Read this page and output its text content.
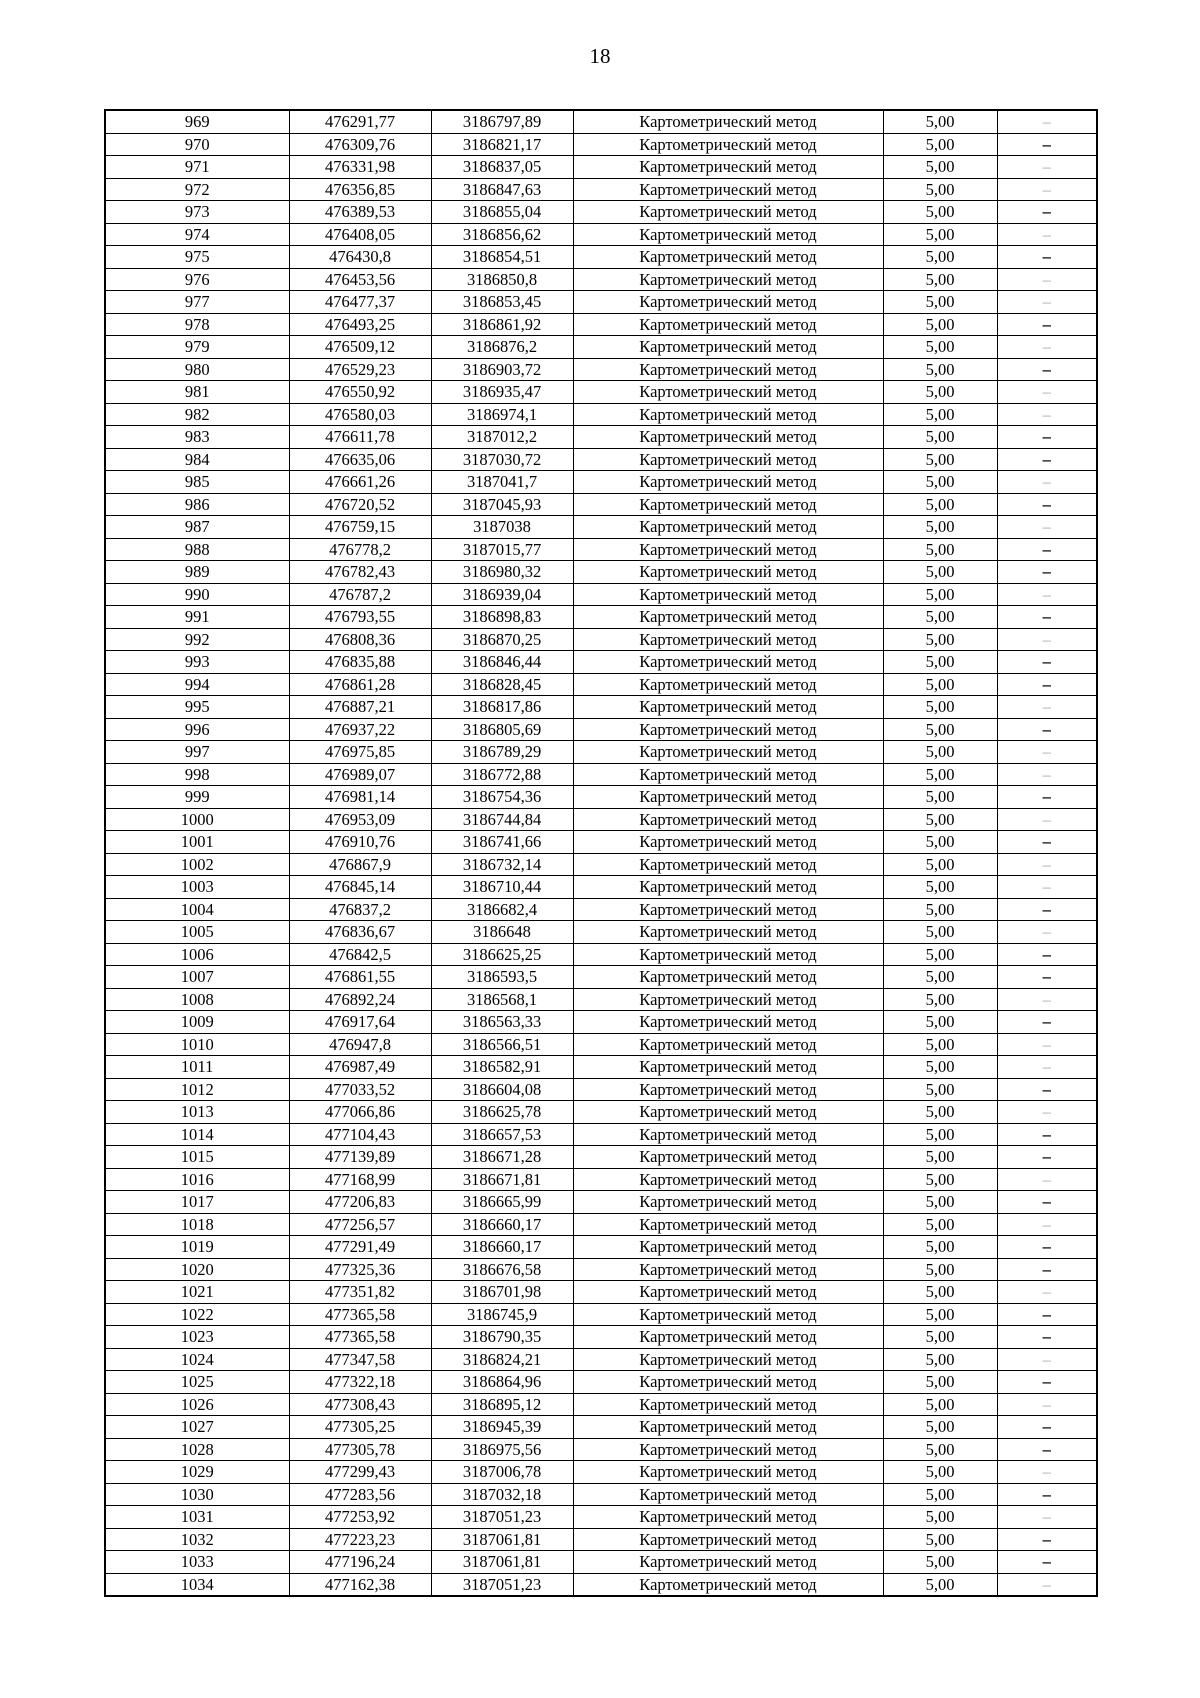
18
969	476291,77	3186797,89	Картометрический метод	5,00	–
970	476309,76	3186821,17	Картометрический метод	5,00	–
971	476331,98	3186837,05	Картометрический метод	5,00	–
972	476356,85	3186847,63	Картометрический метод	5,00	–
973	476389,53	3186855,04	Картометрический метод	5,00	–
974	476408,05	3186856,62	Картометрический метод	5,00	–
975	476430,8	3186854,51	Картометрический метод	5,00	–
976	476453,56	3186850,8	Картометрический метод	5,00	–
977	476477,37	3186853,45	Картометрический метод	5,00	–
978	476493,25	3186861,92	Картометрический метод	5,00	–
979	476509,12	3186876,2	Картометрический метод	5,00	–
980	476529,23	3186903,72	Картометрический метод	5,00	–
981	476550,92	3186935,47	Картометрический метод	5,00	–
982	476580,03	3186974,1	Картометрический метод	5,00	–
983	476611,78	3187012,2	Картометрический метод	5,00	–
984	476635,06	3187030,72	Картометрический метод	5,00	–
985	476661,26	3187041,7	Картометрический метод	5,00	–
986	476720,52	3187045,93	Картометрический метод	5,00	–
987	476759,15	3187038	Картометрический метод	5,00	–
988	476778,2	3187015,77	Картометрический метод	5,00	–
989	476782,43	3186980,32	Картометрический метод	5,00	–
990	476787,2	3186939,04	Картометрический метод	5,00	–
991	476793,55	3186898,83	Картометрический метод	5,00	–
992	476808,36	3186870,25	Картометрический метод	5,00	–
993	476835,88	3186846,44	Картометрический метод	5,00	–
994	476861,28	3186828,45	Картометрический метод	5,00	–
995	476887,21	3186817,86	Картометрический метод	5,00	–
996	476937,22	3186805,69	Картометрический метод	5,00	–
997	476975,85	3186789,29	Картометрический метод	5,00	–
998	476989,07	3186772,88	Картометрический метод	5,00	–
999	476981,14	3186754,36	Картометрический метод	5,00	–
1000	476953,09	3186744,84	Картометрический метод	5,00	–
1001	476910,76	3186741,66	Картометрический метод	5,00	–
1002	476867,9	3186732,14	Картометрический метод	5,00	–
1003	476845,14	3186710,44	Картометрический метод	5,00	–
1004	476837,2	3186682,4	Картометрический метод	5,00	–
1005	476836,67	3186648	Картометрический метод	5,00	–
1006	476842,5	3186625,25	Картометрический метод	5,00	–
1007	476861,55	3186593,5	Картометрический метод	5,00	–
1008	476892,24	3186568,1	Картометрический метод	5,00	–
1009	476917,64	3186563,33	Картометрический метод	5,00	–
1010	476947,8	3186566,51	Картометрический метод	5,00	–
1011	476987,49	3186582,91	Картометрический метод	5,00	–
1012	477033,52	3186604,08	Картометрический метод	5,00	–
1013	477066,86	3186625,78	Картометрический метод	5,00	–
1014	477104,43	3186657,53	Картометрический метод	5,00	–
1015	477139,89	3186671,28	Картометрический метод	5,00	–
1016	477168,99	3186671,81	Картометрический метод	5,00	–
1017	477206,83	3186665,99	Картометрический метод	5,00	–
1018	477256,57	3186660,17	Картометрический метод	5,00	–
1019	477291,49	3186660,17	Картометрический метод	5,00	–
1020	477325,36	3186676,58	Картометрический метод	5,00	–
1021	477351,82	3186701,98	Картометрический метод	5,00	–
1022	477365,58	3186745,9	Картометрический метод	5,00	–
1023	477365,58	3186790,35	Картометрический метод	5,00	–
1024	477347,58	3186824,21	Картометрический метод	5,00	–
1025	477322,18	3186864,96	Картометрический метод	5,00	–
1026	477308,43	3186895,12	Картометрический метод	5,00	–
1027	477305,25	3186945,39	Картометрический метод	5,00	–
1028	477305,78	3186975,56	Картометрический метод	5,00	–
1029	477299,43	3187006,78	Картометрический метод	5,00	–
1030	477283,56	3187032,18	Картометрический метод	5,00	–
1031	477253,92	3187051,23	Картометрический метод	5,00	–
1032	477223,23	3187061,81	Картометрический метод	5,00	–
1033	477196,24	3187061,81	Картометрический метод	5,00	–
1034	477162,38	3187051,23	Картометрический метод	5,00	–
